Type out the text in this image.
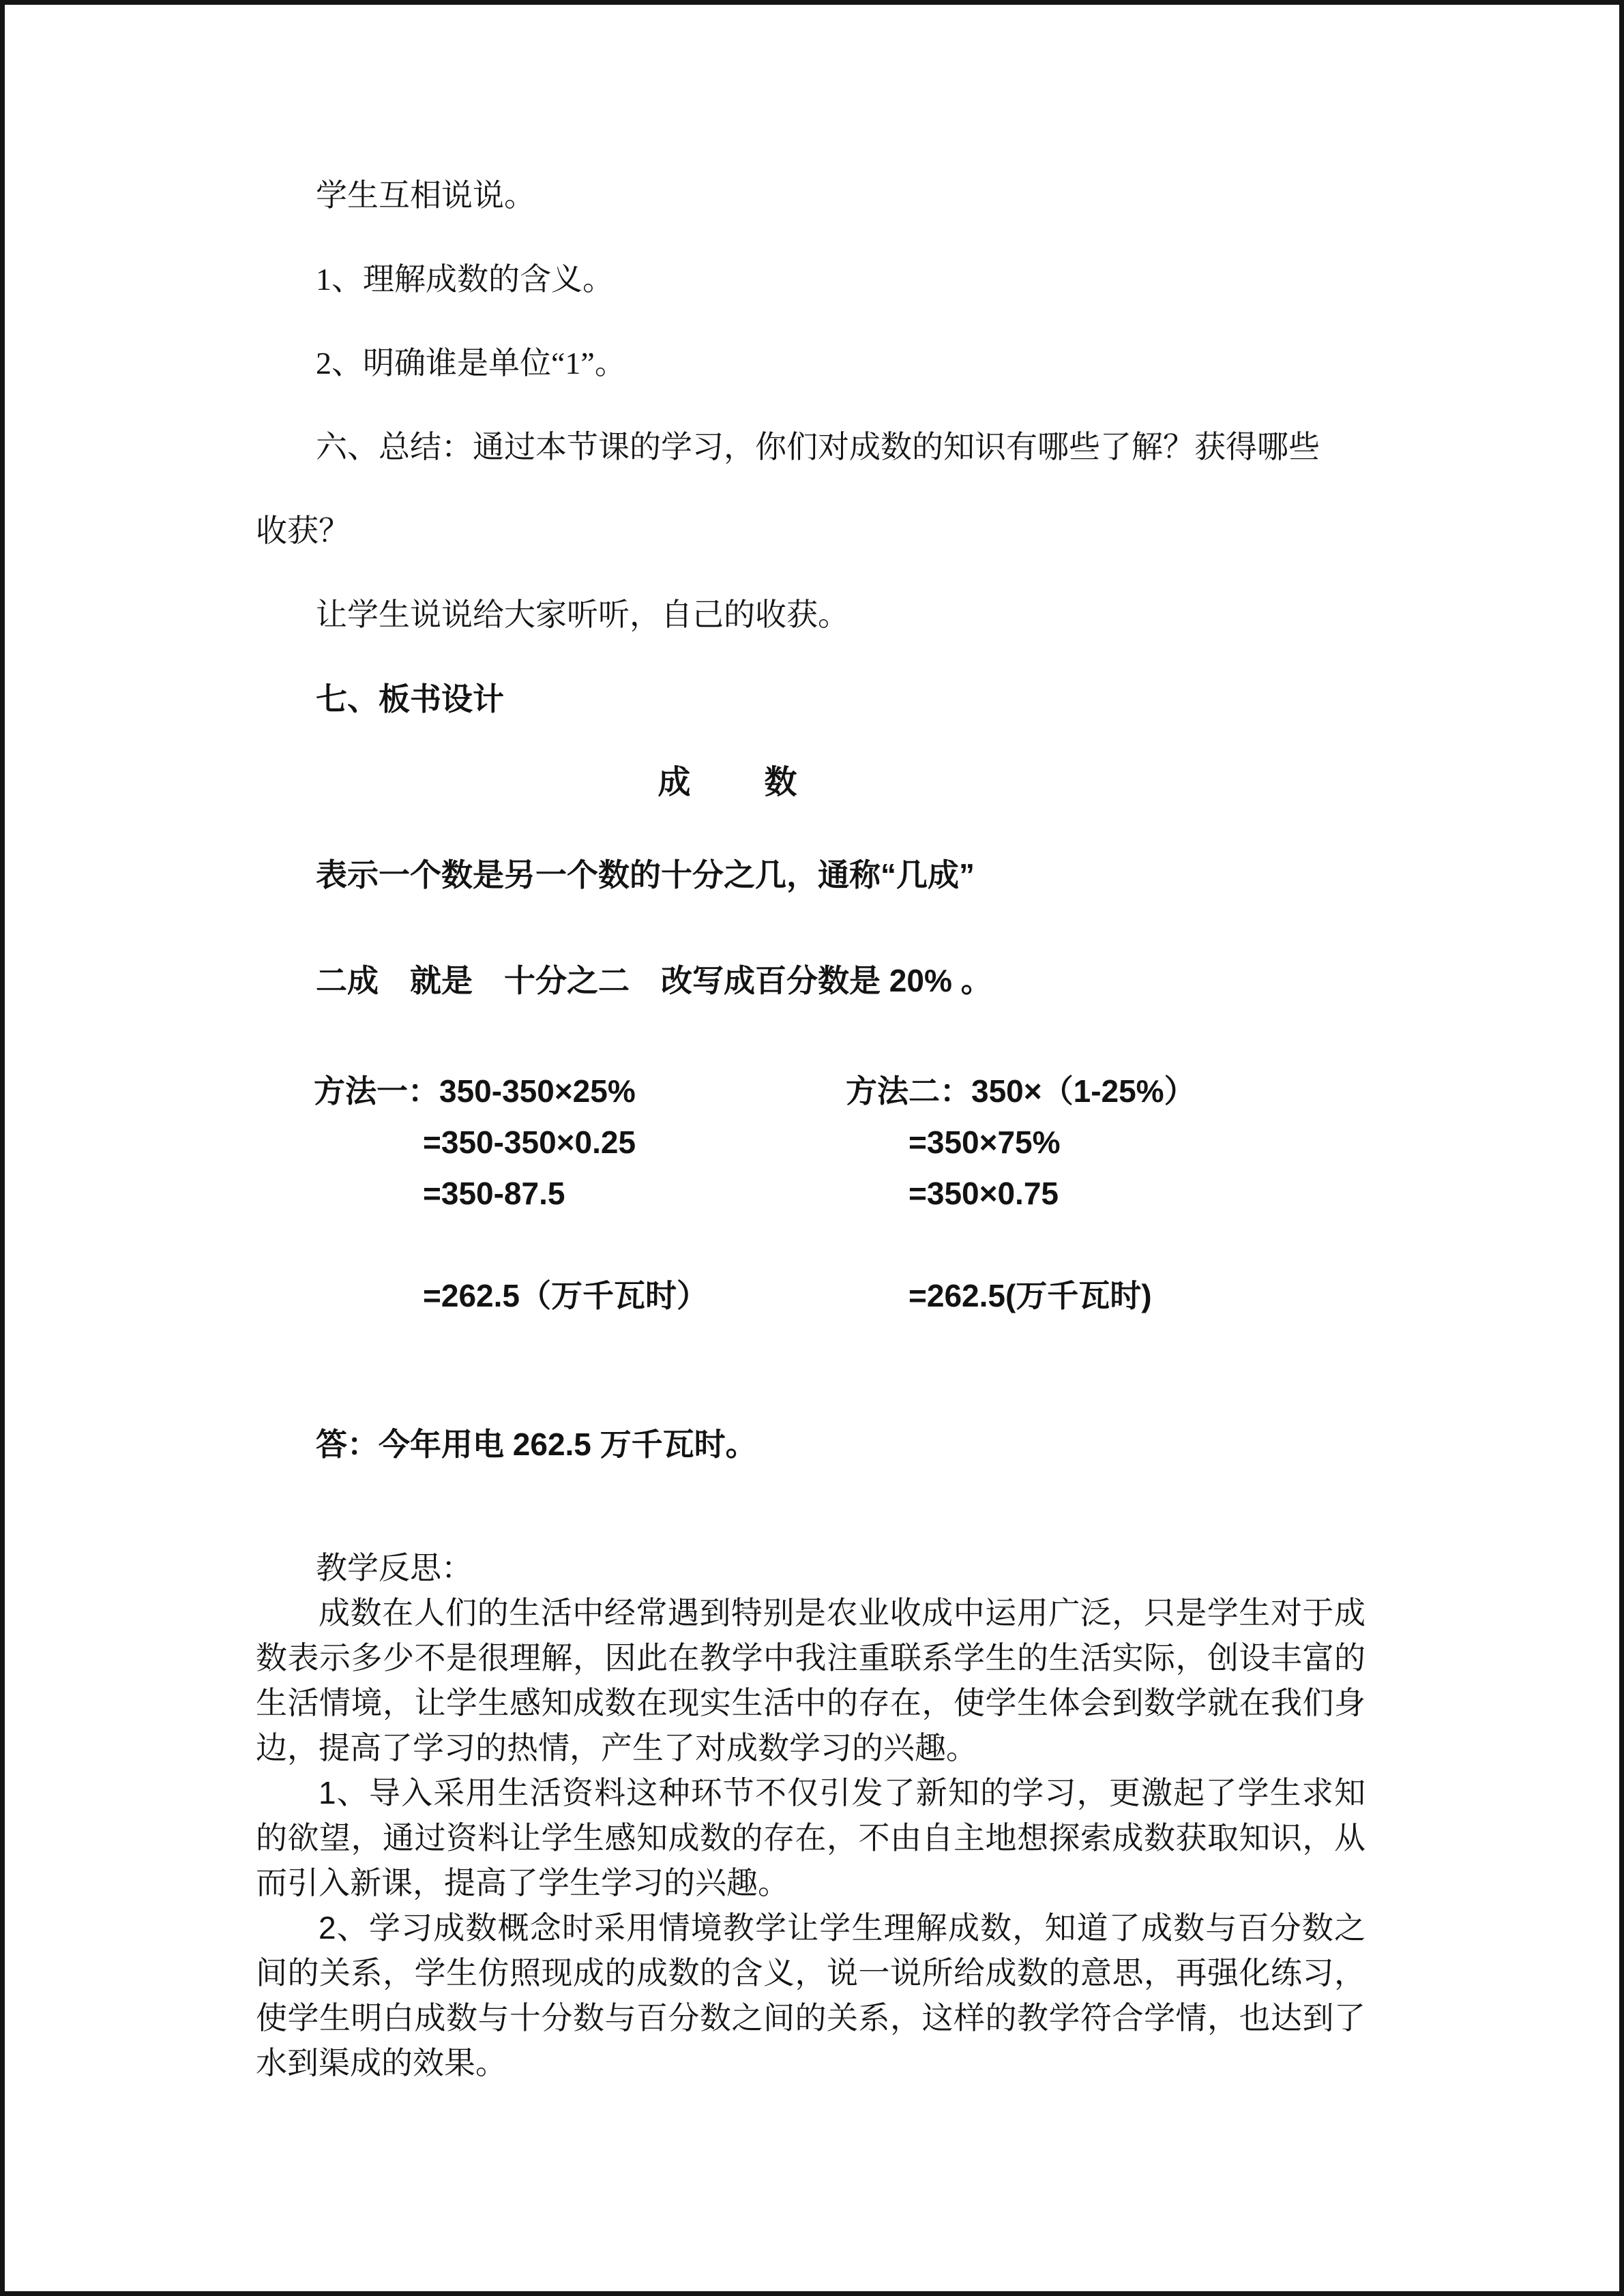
学生互相说说。
1、理解成数的含义。
2、明确谁是单位“1”。
六、总结：通过本节课的学习，你们对成数的知识有哪些了解？获得哪些
收获？
让学生说说给大家听听，自己的收获。
七、板书设计
成　　数
表示一个数是另一个数的十分之几，通称“几成”
二成　就是　十分之二　改写成百分数是 20% 。
方法一：350-350×25%
=350-350×0.25
=350-87.5
=262.5（万千瓦时）
方法二：350×（1-25%）
=350×75%
=350×0.75
=262.5(万千瓦时)
答：今年用电 262.5 万千瓦时。
教学反思：

成数在人们的生活中经常遇到特别是农业收成中运用广泛，只是学生对于成数表示多少不是很理解，因此在教学中我注重联系学生的生活实际，创设丰富的生活情境，让学生感知成数在现实生活中的存在，使学生体会到数学就在我们身边，提高了学习的热情，产生了对成数学习的兴趣。

1、导入采用生活资料这种环节不仅引发了新知的学习，更激起了学生求知的欲望，通过资料让学生感知成数的存在，不由自主地想探索成数获取知识，从而引入新课，提高了学生学习的兴趣。

2、学习成数概念时采用情境教学让学生理解成数，知道了成数与百分数之间的关系，学生仿照现成的成数的含义，说一说所给成数的意思，再强化练习，使学生明白成数与十分数与百分数之间的关系，这样的教学符合学情，也达到了水到渠成的效果。
